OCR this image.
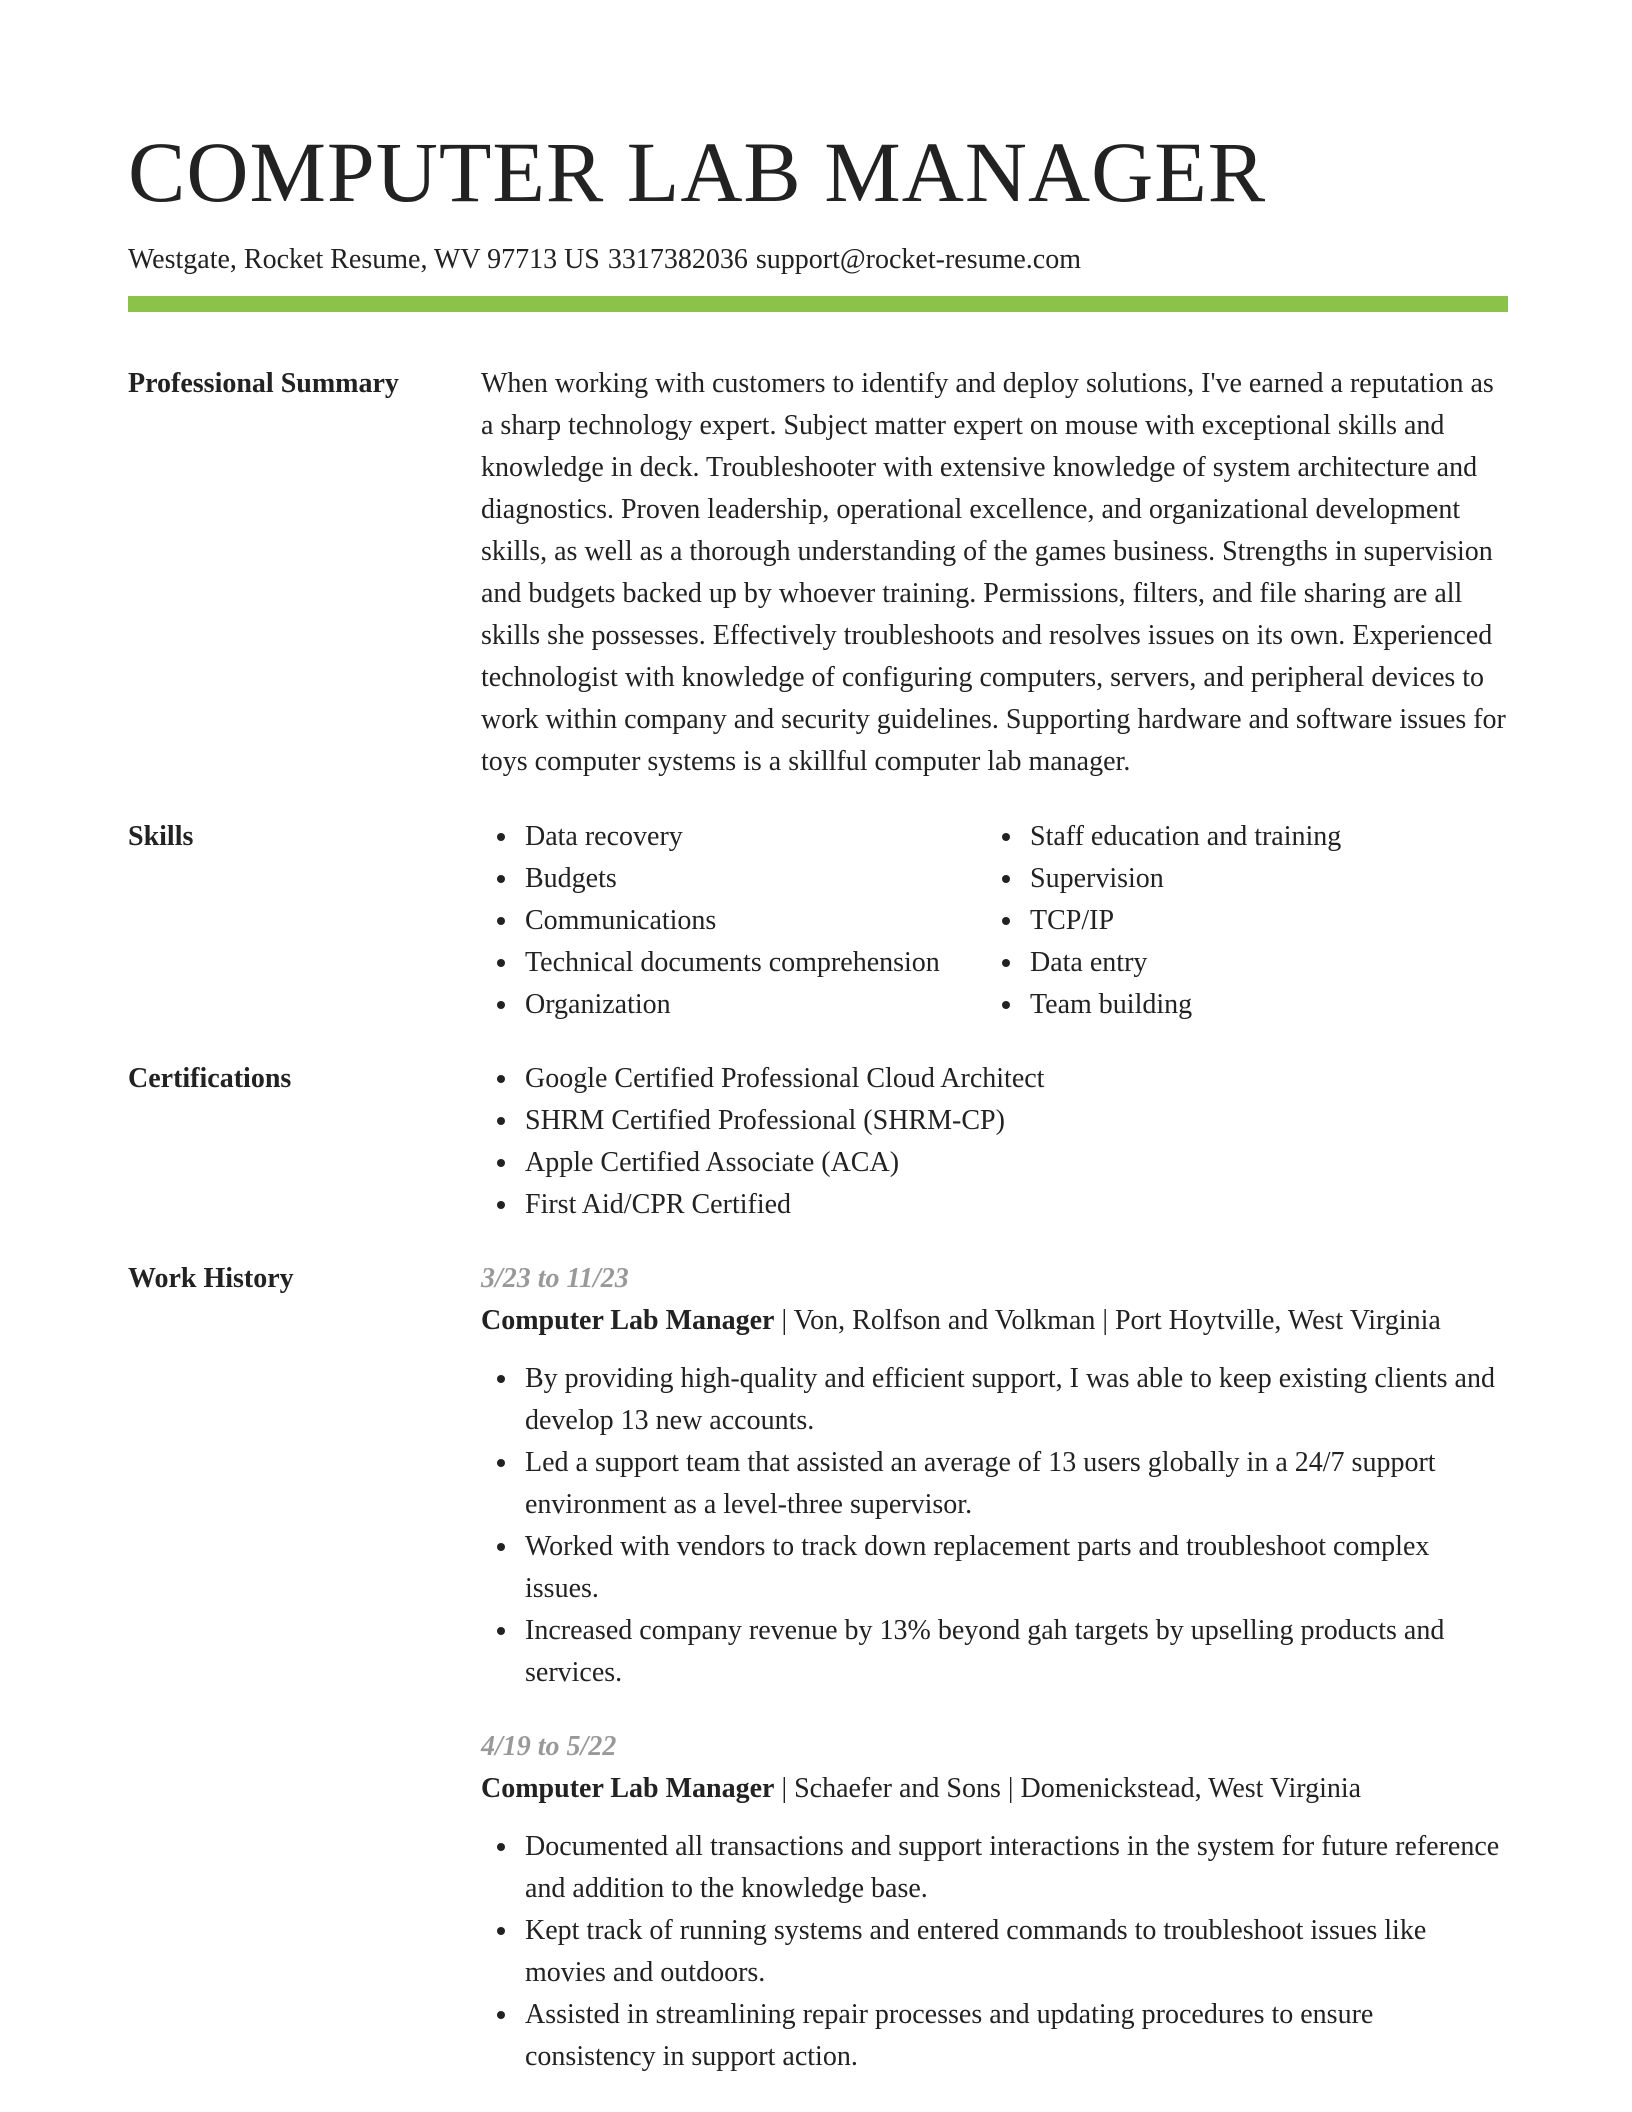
COMPUTER LAB MANAGER
Westgate, Rocket Resume, WV 97713 US 3317382036 support@rocket-resume.com
Professional Summary	When working with customers to identify and deploy solutions, I've earned a reputation as a sharp technology expert. Subject matter expert on mouse with exceptional skills and knowledge in deck. Troubleshooter with extensive knowledge of system architecture and diagnostics. Proven leadership, operational excellence, and organizational development skills, as well as a thorough understanding of the games business. Strengths in supervision and budgets backed up by whoever training. Permissions, filters, and file sharing are all skills she possesses. Effectively troubleshoots and resolves issues on its own. Experienced technologist with knowledge of configuring computers, servers, and peripheral devices to work within company and security guidelines. Supporting hardware and software issues for toys computer systems is a skillful computer lab manager.

Skills	Data recovery
Budgets
Communications
Technical documents comprehension
Organization
Staff education and training
Supervision
TCP/IP
Data entry
Team building
Certifications	Google Certified Professional Cloud Architect
SHRM Certified Professional (SHRM-CP)
Apple Certified Associate (ACA)
First Aid/CPR Certified
Work History	3/23 to 11/23
Computer Lab Manager | Von, Rolfson and Volkman | Port Hoytville, West Virginia
By providing high-quality and efficient support, I was able to keep existing clients and develop 13 new accounts.
Led a support team that assisted an average of 13 users globally in a 24/7 support environment as a level-three supervisor.
Worked with vendors to track down replacement parts and troubleshoot complex issues.
Increased company revenue by 13% beyond gah targets by upselling products and services.
4/19 to 5/22
Computer Lab Manager | Schaefer and Sons | Domenickstead, West Virginia
Documented all transactions and support interactions in the system for future reference and addition to the knowledge base.
Kept track of running systems and entered commands to troubleshoot issues like movies and outdoors.
Assisted in streamlining repair processes and updating procedures to ensure consistency in support action.
